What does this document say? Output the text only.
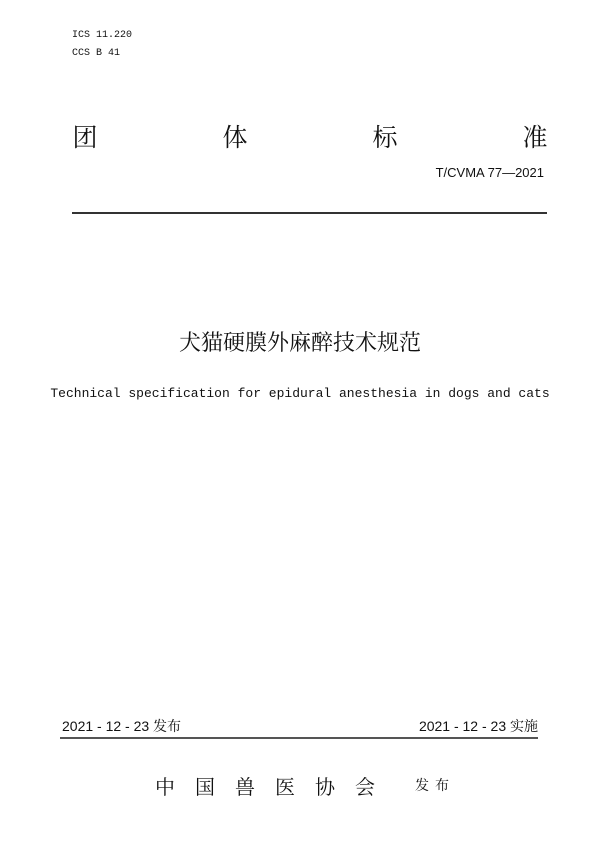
ICS 11.220
CCS B 41
团	体	标	准
T/CVMA 77—2021
犬猫硬膜外麻醉技术规范
Technical specification for epidural anesthesia in dogs and cats
2021 - 12 - 23 发布	2021 - 12 - 23 实施
中国兽医协会 发布
